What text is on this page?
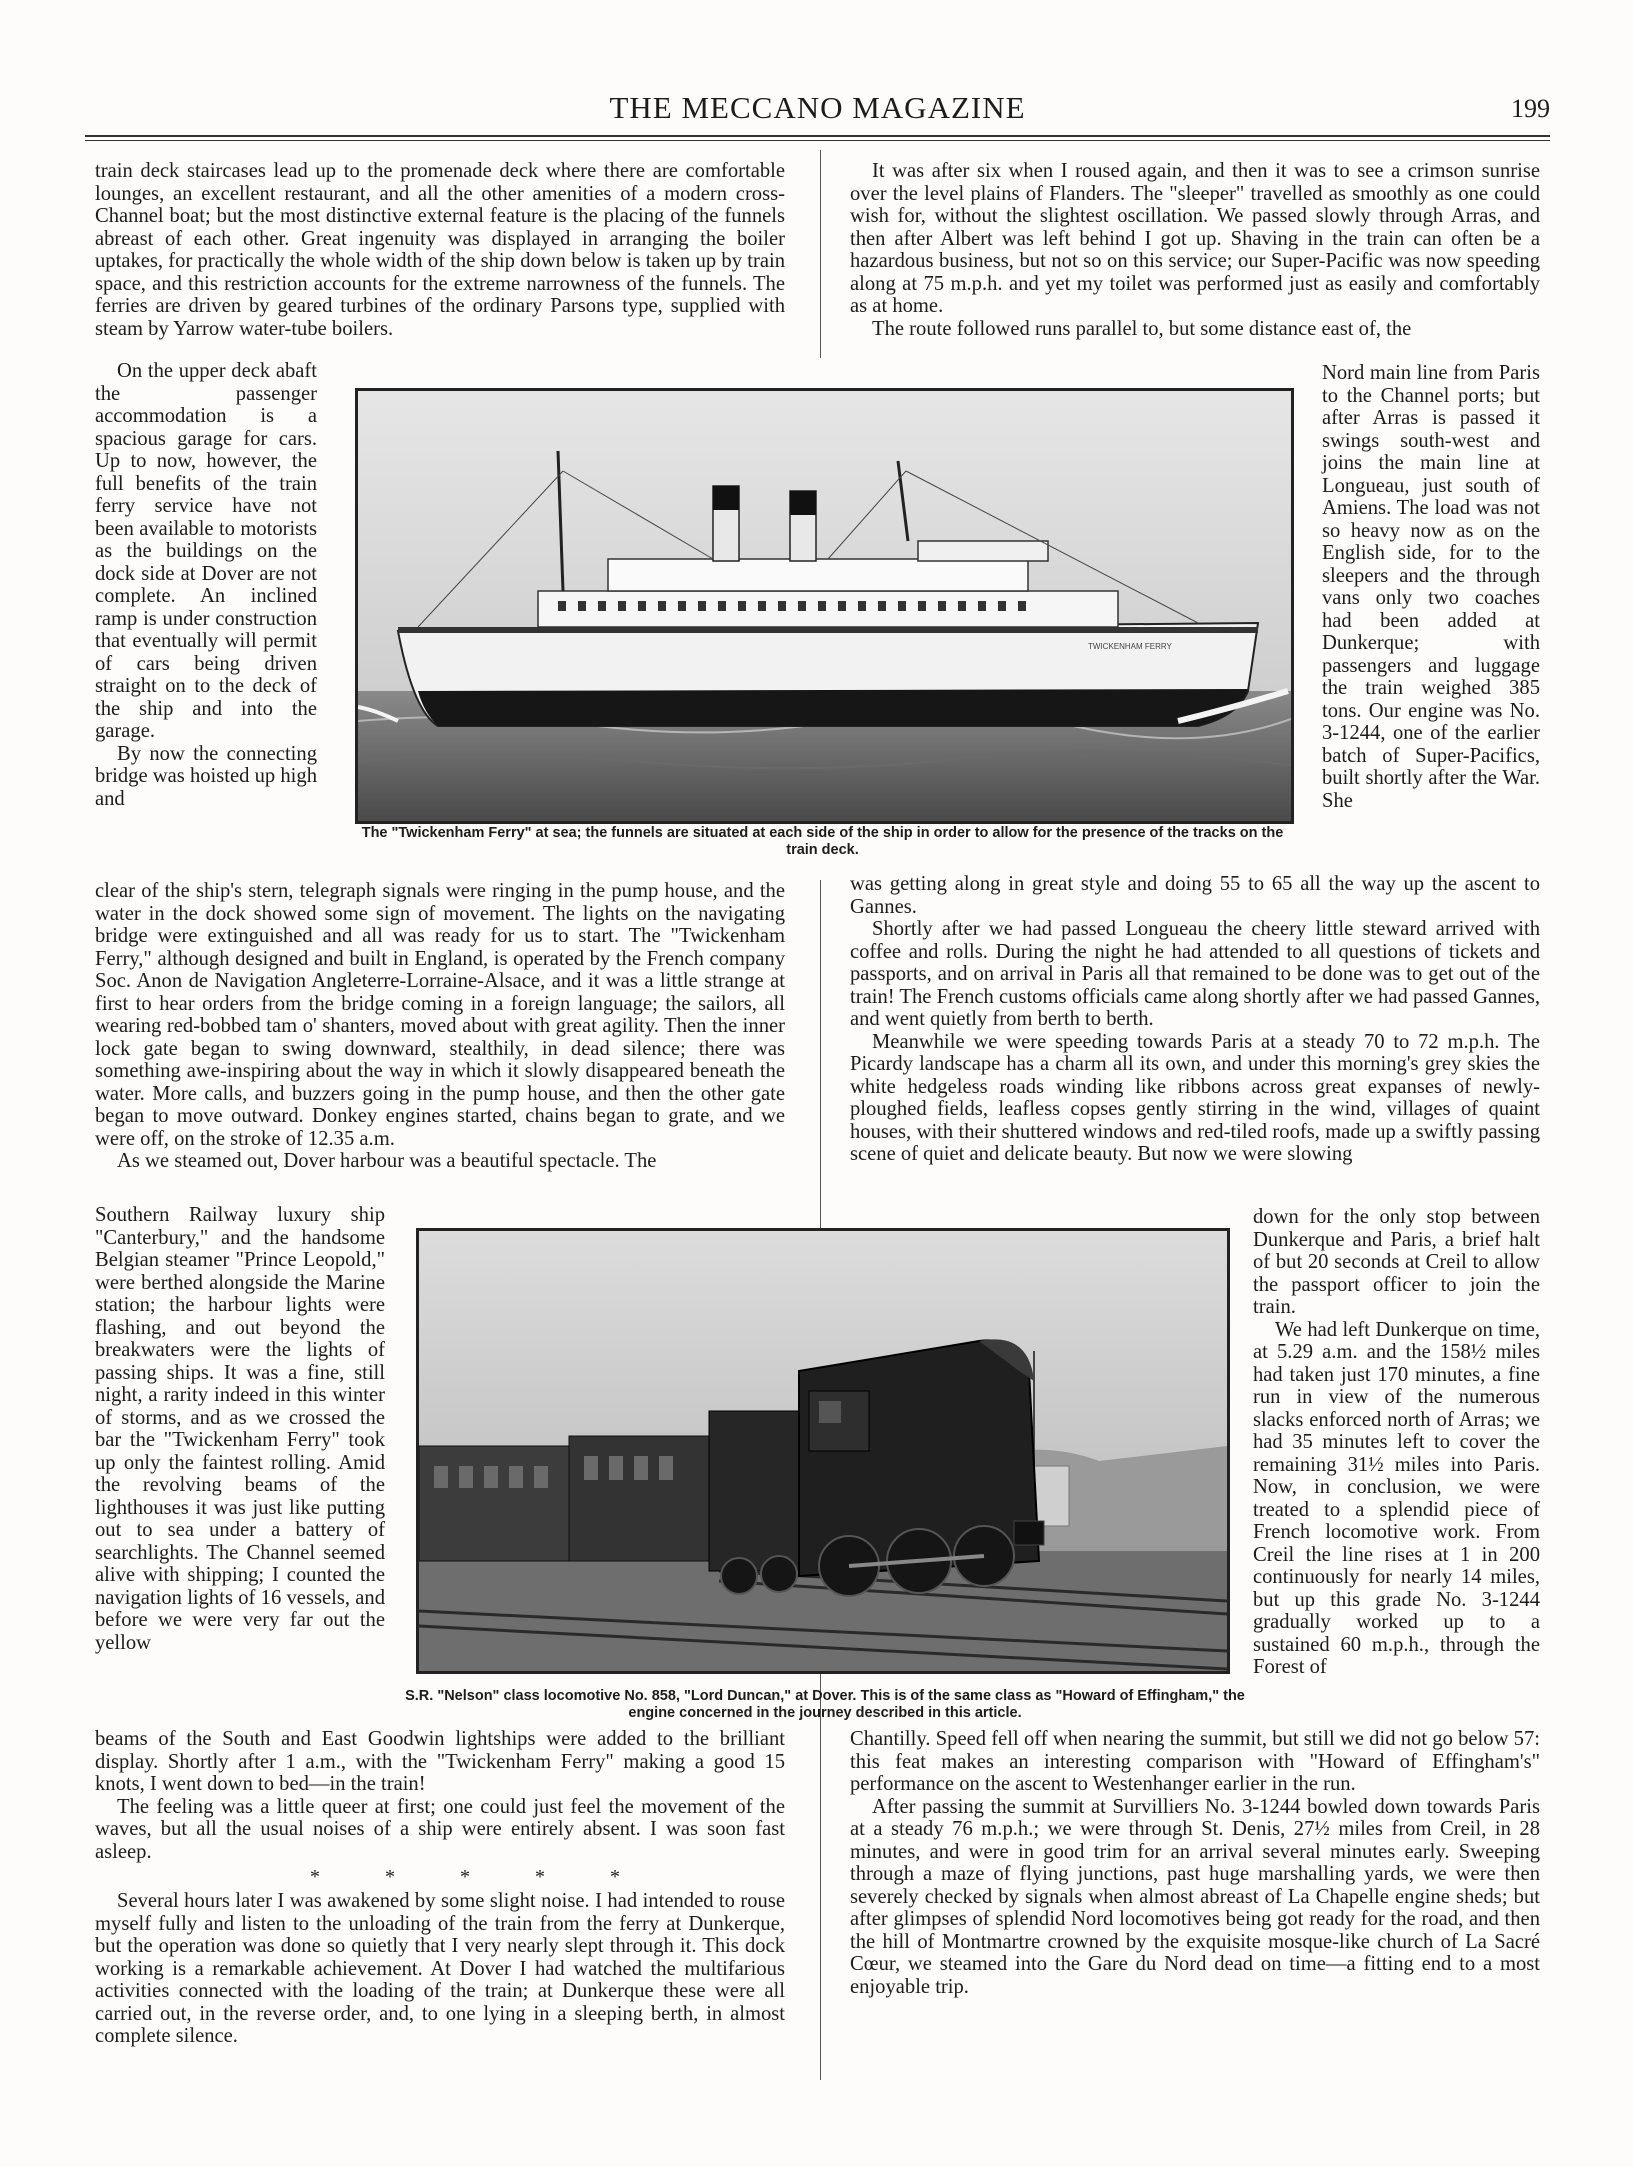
THE MECCANO MAGAZINE	199

train deck staircases lead up to the promenade deck where there are comfortable lounges, an excellent restaurant, and all the other amenities of a modern cross-Channel boat; but the most distinctive external feature is the placing of the funnels abreast of each other. Great ingenuity was displayed in arranging the boiler uptakes, for practically the whole width of the ship down below is taken up by train space, and this restriction accounts for the extreme narrowness of the funnels. The ferries are driven by geared turbines of the ordinary Parsons type, supplied with steam by Yarrow water-tube boilers.

On the upper deck abaft the passenger accommodation is a spacious garage for cars. Up to now, however, the full benefits of the train ferry service have not been available to motorists as the buildings on the dock side at Dover are not complete. An inclined ramp is under construction that eventually will permit of cars being driven straight on to the deck of the ship and into the garage.

By now the connecting bridge was hoisted up high and

clear of the ship's stern, telegraph signals were ringing in the pump house, and the water in the dock showed some sign of movement. The lights on the navigating bridge were extinguished and all was ready for us to start. The "Twickenham Ferry," although designed and built in England, is operated by the French company Soc. Anon de Navigation Angleterre-Lorraine-Alsace, and it was a little strange at first to hear orders from the bridge coming in a foreign language; the sailors, all wearing red-bobbed tam o' shanters, moved about with great agility. Then the inner lock gate began to swing downward, stealthily, in dead silence; there was something awe-inspiring about the way in which it slowly disappeared beneath the water. More calls, and buzzers going in the pump house, and then the other gate began to move outward. Donkey engines started, chains began to grate, and we were off, on the stroke of 12.35 a.m.

As we steamed out, Dover harbour was a beautiful spectacle. The

Southern Railway luxury ship "Canterbury," and the handsome Belgian steamer "Prince Leopold," were berthed alongside the Marine station; the harbour lights were flashing, and out beyond the breakwaters were the lights of passing ships. It was a fine, still night, a rarity indeed in this winter of storms, and as we crossed the bar the "Twickenham Ferry" took up only the faintest rolling. Amid the revolving beams of the lighthouses it was just like putting out to sea under a battery of searchlights. The Channel seemed alive with shipping; I counted the navigation lights of 16 vessels, and before we were very far out the yellow

beams of the South and East Goodwin lightships were added to the brilliant display. Shortly after 1 a.m., with the "Twickenham Ferry" making a good 15 knots, I went down to bed—in the train!

The feeling was a little queer at first; one could just feel the movement of the waves, but all the usual noises of a ship were entirely absent. I was soon fast asleep.

* * * * *

Several hours later I was awakened by some slight noise. I had intended to rouse myself fully and listen to the unloading of the train from the ferry at Dunkerque, but the operation was done so quietly that I very nearly slept through it. This dock working is a remarkable achievement. At Dover I had watched the multifarious activities connected with the loading of the train; at Dunkerque these were all carried out, in the reverse order, and, to one lying in a sleeping berth, in almost complete silence.

It was after six when I roused again, and then it was to see a crimson sunrise over the level plains of Flanders. The "sleeper" travelled as smoothly as one could wish for, without the slightest oscillation. We passed slowly through Arras, and then after Albert was left behind I got up. Shaving in the train can often be a hazardous business, but not so on this service; our Super-Pacific was now speeding along at 75 m.p.h. and yet my toilet was performed just as easily and comfortably as at home.

The route followed runs parallel to, but some distance east of, the

Nord main line from Paris to the Channel ports; but after Arras is passed it swings south-west and joins the main line at Longueau, just south of Amiens. The load was not so heavy now as on the English side, for to the sleepers and the through vans only two coaches had been added at Dunkerque; with passengers and luggage the train weighed 385 tons. Our engine was No. 3-1244, one of the earlier batch of Super-Pacifics, built shortly after the War. She

was getting along in great style and doing 55 to 65 all the way up the ascent to Gannes.

Shortly after we had passed Longueau the cheery little steward arrived with coffee and rolls. During the night he had attended to all questions of tickets and passports, and on arrival in Paris all that remained to be done was to get out of the train! The French customs officials came along shortly after we had passed Gannes, and went quietly from berth to berth.

Meanwhile we were speeding towards Paris at a steady 70 to 72 m.p.h. The Picardy landscape has a charm all its own, and under this morning's grey skies the white hedgeless roads winding like ribbons across great expanses of newly-ploughed fields, leafless copses gently stirring in the wind, villages of quaint houses, with their shuttered windows and red-tiled roofs, made up a swiftly passing scene of quiet and delicate beauty. But now we were slowing

down for the only stop between Dunkerque and Paris, a brief halt of but 20 seconds at Creil to allow the passport officer to join the train.

We had left Dunkerque on time, at 5.29 a.m. and the 158½ miles had taken just 170 minutes, a fine run in view of the numerous slacks enforced north of Arras; we had 35 minutes left to cover the remaining 31½ miles into Paris. Now, in conclusion, we were treated to a splendid piece of French locomotive work. From Creil the line rises at 1 in 200 continuously for nearly 14 miles, but up this grade No. 3-1244 gradually worked up to a sustained 60 m.p.h., through the Forest of

Chantilly. Speed fell off when nearing the summit, but still we did not go below 57: this feat makes an interesting comparison with "Howard of Effingham's" performance on the ascent to Westenhanger earlier in the run.

After passing the summit at Survilliers No. 3-1244 bowled down towards Paris at a steady 76 m.p.h.; we were through St. Denis, 27½ miles from Creil, in 28 minutes, and were in good trim for an arrival several minutes early. Sweeping through a maze of flying junctions, past huge marshalling yards, we were then severely checked by signals when almost abreast of La Chapelle engine sheds; but after glimpses of splendid Nord locomotives being got ready for the road, and then the hill of Montmartre crowned by the exquisite mosque-like church of La Sacré Cœur, we steamed into the Gare du Nord dead on time—a fitting end to a most enjoyable trip.

TWICKENHAM FERRY
The "Twickenham Ferry" at sea; the funnels are situated at each side of the ship in order to allow for the presence of the tracks on the train deck.
S.R. "Nelson" class locomotive No. 858, "Lord Duncan," at Dover. This is of the same class as "Howard of Effingham," the engine concerned in the journey described in this article.
